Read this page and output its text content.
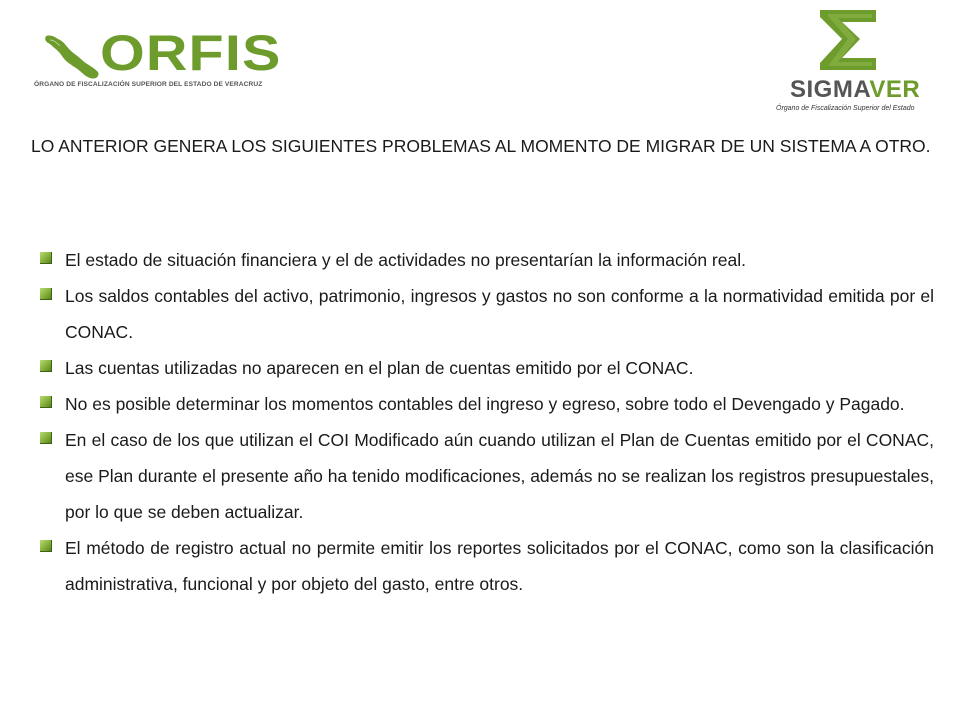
ORFIS
ÓRGANO DE FISCALIZACIÓN SUPERIOR DEL ESTADO DE VERACRUZ	SIGMAVER
Órgano de Fiscalización Superior del Estado

LO ANTERIOR GENERA LOS SIGUIENTES PROBLEMAS AL MOMENTO DE MIGRAR DE UN SISTEMA A OTRO.

El estado de situación financiera y el de actividades no presentarían la información real.
Los saldos contables del activo, patrimonio, ingresos y gastos no son conforme a la normatividad emitida por el CONAC.
Las cuentas utilizadas no aparecen en el plan de cuentas emitido por el CONAC.
No es posible determinar los momentos contables del ingreso y egreso, sobre todo el Devengado y Pagado.
En el caso de los que utilizan el COI Modificado aún cuando utilizan el Plan de Cuentas emitido por el CONAC, ese Plan durante el presente año ha tenido modificaciones, además no se realizan los registros presupuestales, por lo que se deben actualizar.
El método de registro actual no permite emitir los reportes solicitados por el CONAC, como son la clasificación administrativa, funcional y por objeto del gasto, entre otros.
